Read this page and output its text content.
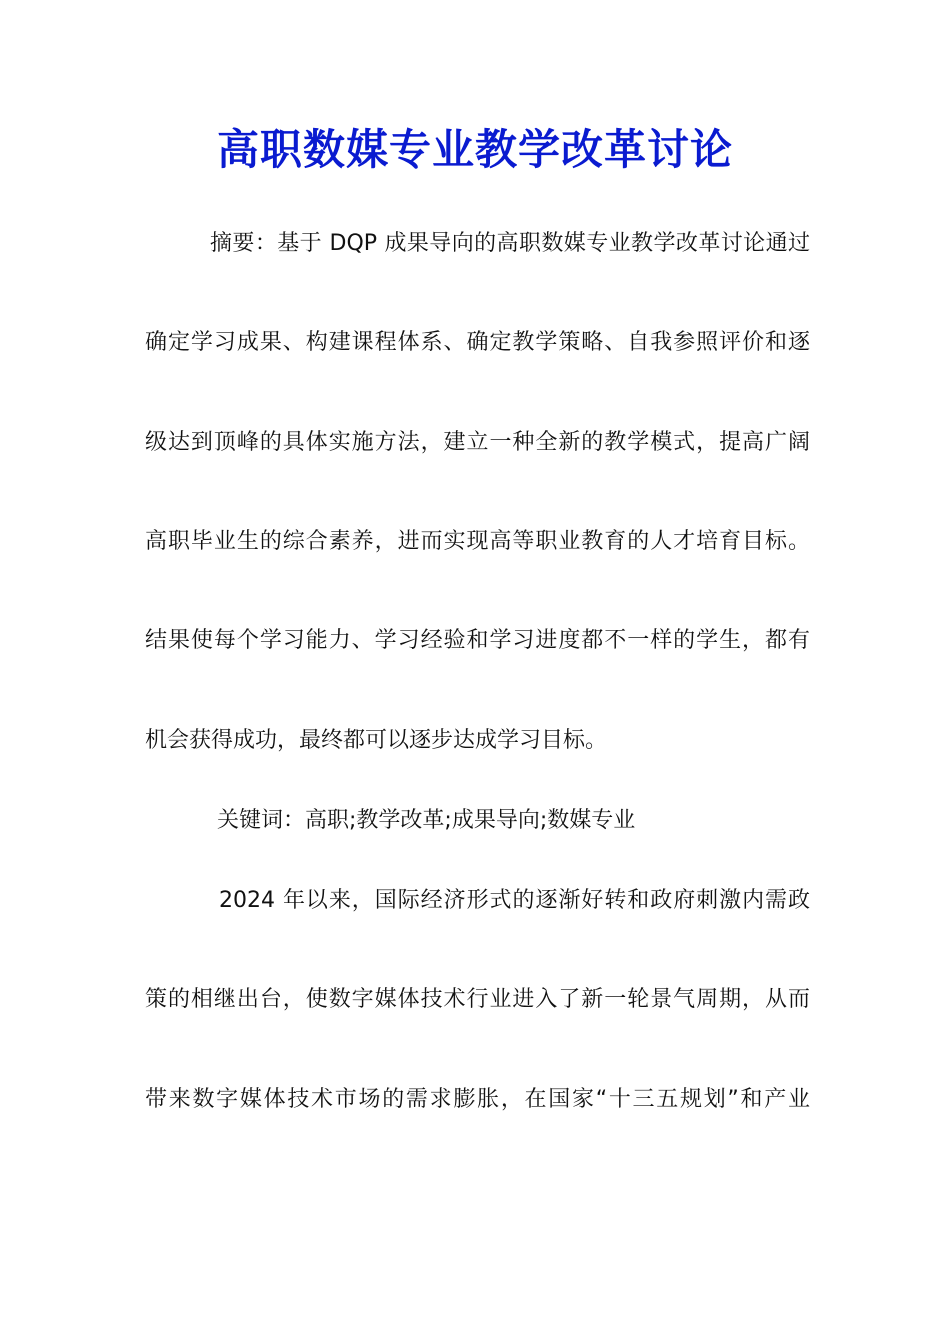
高职数媒专业教学改革讨论
摘要：基于 DQP 成果导向的高职数媒专业教学改革讨论通过
确定学习成果、构建课程体系、确定教学策略、自我参照评价和逐
级达到顶峰的具体实施方法，建立一种全新的教学模式，提高广阔
高职毕业生的综合素养，进而实现高等职业教育的人才培育目标。
结果使每个学习能力、学习经验和学习进度都不一样的学生，都有
机会获得成功，最终都可以逐步达成学习目标。
关键词：高职;教学改革;成果导向;数媒专业
2024 年以来，国际经济形式的逐渐好转和政府刺激内需政
策的相继出台，使数字媒体技术行业进入了新一轮景气周期，从而
带来数字媒体技术市场的需求膨胀，在国家“十三五规划”和产业
